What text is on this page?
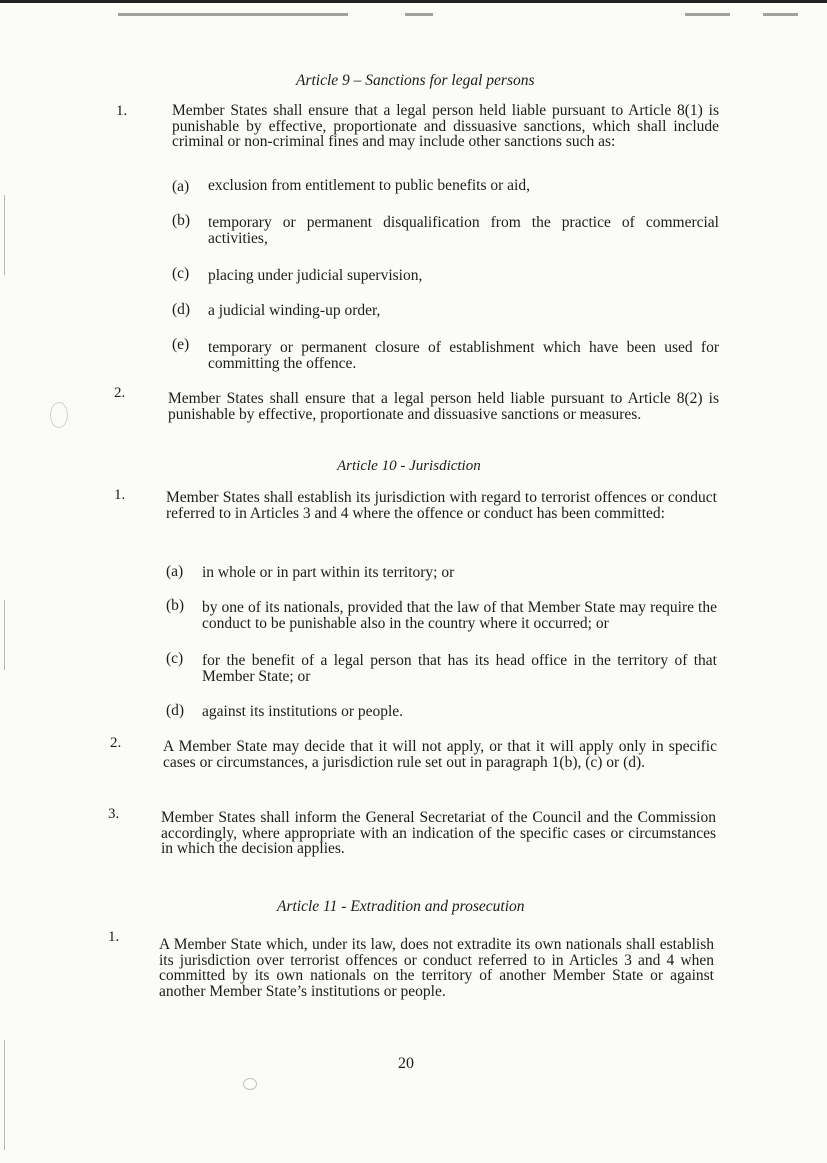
Article 9 – Sanctions for legal persons
1.	Member States shall ensure that a legal person held liable pursuant to Article 8(1) is punishable by effective, proportionate and dissuasive sanctions, which shall include criminal or non-criminal fines and may include other sanctions such as:
(a) exclusion from entitlement to public benefits or aid,
(b) temporary or permanent disqualification from the practice of commercial activities,
(c) placing under judicial supervision,
(d) a judicial winding-up order,
(e) temporary or permanent closure of establishment which have been used for committing the offence.
2.	Member States shall ensure that a legal person held liable pursuant to Article 8(2) is punishable by effective, proportionate and dissuasive sanctions or measures.
Article 10 - Jurisdiction
1.	Member States shall establish its jurisdiction with regard to terrorist offences or conduct referred to in Articles 3 and 4 where the offence or conduct has been committed:
(a) in whole or in part within its territory; or
(b) by one of its nationals, provided that the law of that Member State may require the conduct to be punishable also in the country where it occurred; or
(c) for the benefit of a legal person that has its head office in the territory of that Member State; or
(d) against its institutions or people.
2.	A Member State may decide that it will not apply, or that it will apply only in specific cases or circumstances, a jurisdiction rule set out in paragraph 1(b), (c) or (d).
3.	Member States shall inform the General Secretariat of the Council and the Commission accordingly, where appropriate with an indication of the specific cases or circumstances in which the decision applies.
Article 11 - Extradition and prosecution
1.	A Member State which, under its law, does not extradite its own nationals shall establish its jurisdiction over terrorist offences or conduct referred to in Articles 3 and 4 when committed by its own nationals on the territory of another Member State or against another Member State’s institutions or people.
20
